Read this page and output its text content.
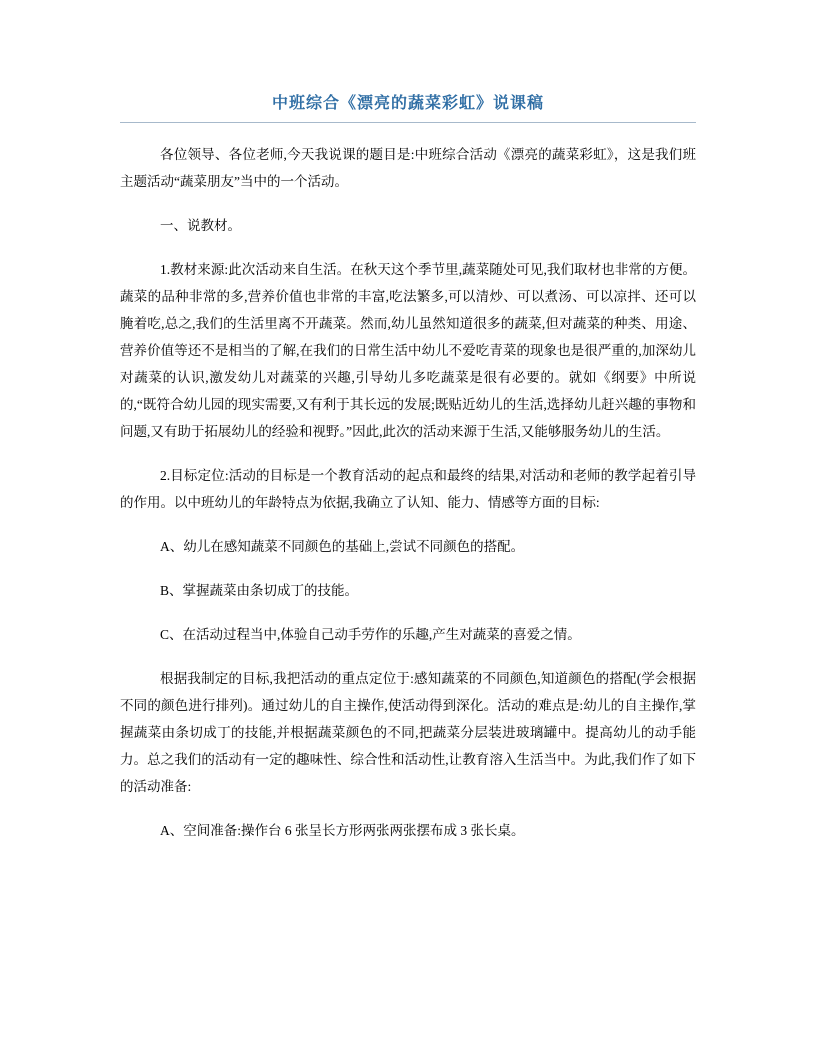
中班综合《漂亮的蔬菜彩虹》说课稿

各位领导、各位老师,今天我说课的题目是:中班综合活动《漂亮的蔬菜彩虹》，这是我们班主题活动“蔬菜朋友”当中的一个活动。

一、说教材。

1.教材来源:此次活动来自生活。在秋天这个季节里,蔬菜随处可见,我们取材也非常的方便。蔬菜的品种非常的多,营养价值也非常的丰富,吃法繁多,可以清炒、可以煮汤、可以凉拌、还可以腌着吃,总之,我们的生活里离不开蔬菜。然而,幼儿虽然知道很多的蔬菜,但对蔬菜的种类、用途、营养价值等还不是相当的了解,在我们的日常生活中幼儿不爱吃青菜的现象也是很严重的,加深幼儿对蔬菜的认识,激发幼儿对蔬菜的兴趣,引导幼儿多吃蔬菜是很有必要的。就如《纲要》中所说的,“既符合幼儿园的现实需要,又有利于其长远的发展;既贴近幼儿的生活,选择幼儿赶兴趣的事物和问题,又有助于拓展幼儿的经验和视野。”因此,此次的活动来源于生活,又能够服务幼儿的生活。

2.目标定位:活动的目标是一个教育活动的起点和最终的结果,对活动和老师的教学起着引导的作用。以中班幼儿的年龄特点为依据,我确立了认知、能力、情感等方面的目标:

A、幼儿在感知蔬菜不同颜色的基础上,尝试不同颜色的搭配。

B、掌握蔬菜由条切成丁的技能。

C、在活动过程当中,体验自己动手劳作的乐趣,产生对蔬菜的喜爱之情。

根据我制定的目标,我把活动的重点定位于:感知蔬菜的不同颜色,知道颜色的搭配(学会根据不同的颜色进行排列)。通过幼儿的自主操作,使活动得到深化。活动的难点是:幼儿的自主操作,掌握蔬菜由条切成丁的技能,并根据蔬菜颜色的不同,把蔬菜分层装进玻璃罐中。提高幼儿的动手能力。总之我们的活动有一定的趣味性、综合性和活动性,让教育溶入生活当中。为此,我们作了如下的活动准备:

A、空间准备:操作台 6 张呈长方形两张两张摆布成 3 张长桌。
